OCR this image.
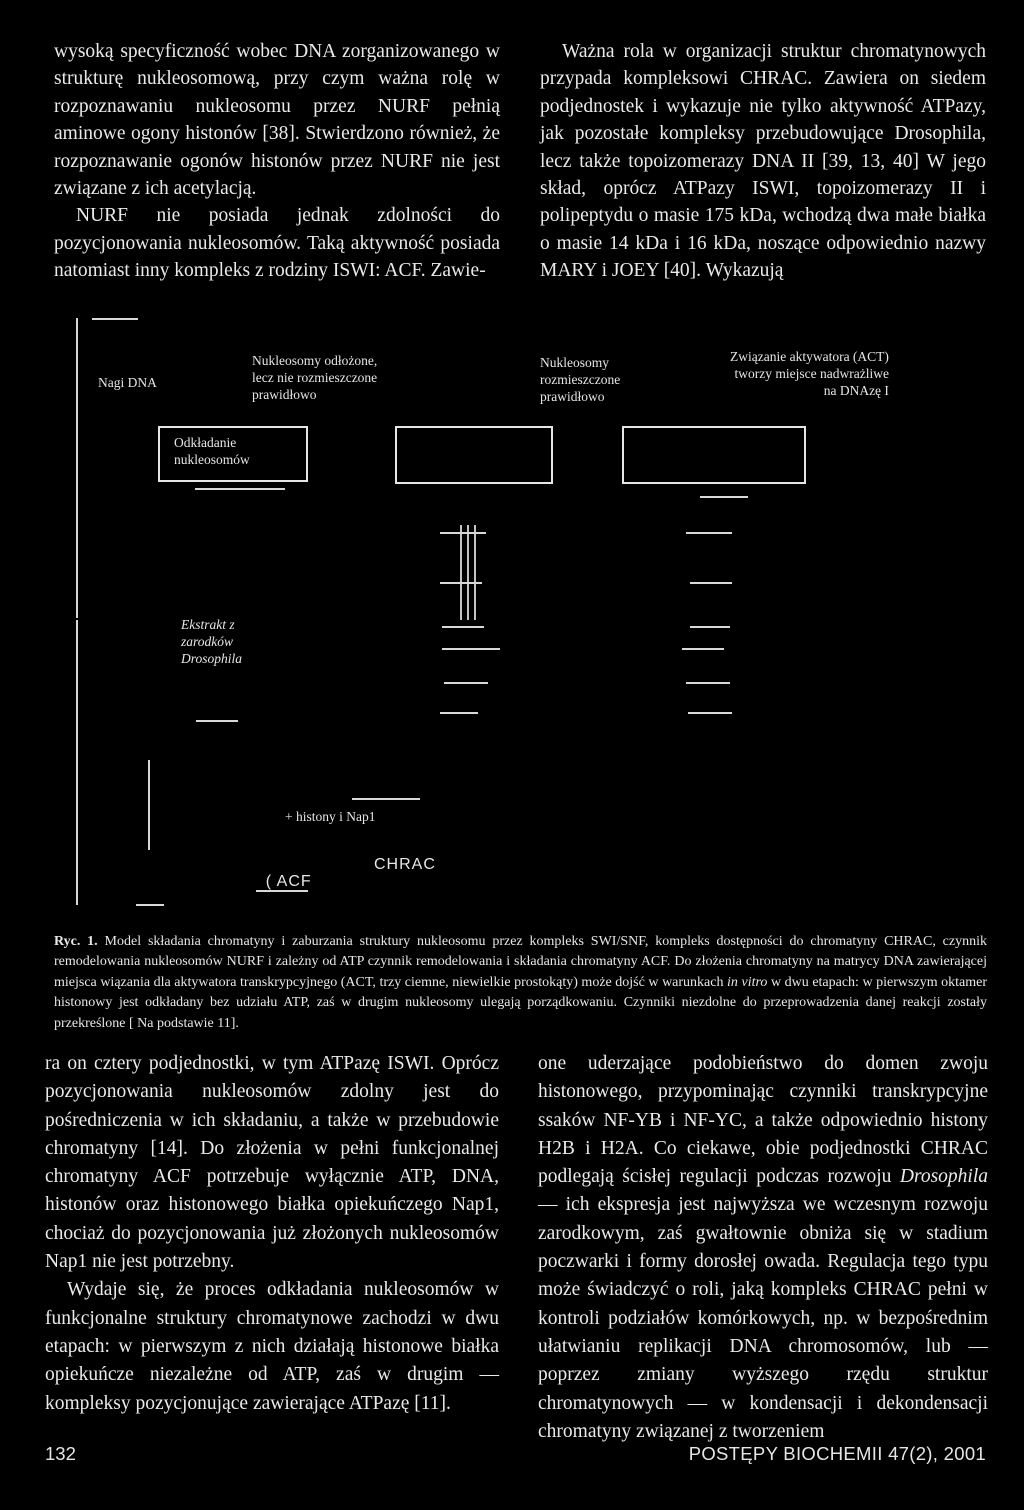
wysoką specyficzność wobec DNA zorganizowanego w strukturę nukleosomową, przy czym ważna rolę w rozpoznawaniu nukleosomu przez NURF pełnią aminowe ogony histonów [38]. Stwierdzono również, że rozpoznawanie ogonów histonów przez NURF nie jest związane z ich acetylacją.

NURF nie posiada jednak zdolności do pozycjonowania nukleosomów. Taką aktywność posiada natomiast inny kompleks z rodziny ISWI: ACF. Zawie-

Ważna rola w organizacji struktur chromatynowych przypada kompleksowi CHRAC. Zawiera on siedem podjednostek i wykazuje nie tylko aktywność ATPazy, jak pozostałe kompleksy przebudowujące Drosophila, lecz także topoizomerazy DNA II [39, 13, 40] W jego skład, oprócz ATPazy ISWI, topoizomerazy II i polipeptydu o masie 175 kDa, wchodzą dwa małe białka o masie 14 kDa i 16 kDa, noszące odpowiednio nazwy MARY i JOEY [40]. Wykazują

Nagi DNA
Nukleosomy odłożone,
lecz nie rozmieszczone
prawidłowo
Nukleosomy
rozmieszczone
prawidłowo
Związanie aktywatora (ACT)
tworzy miejsce nadwrażliwe
na DNAzę I
Odkładanie
nukleosomów
Ekstrakt z
zarodków
Drosophila
+ histony i Nap1

( ACF

CHRAC

Ryc. 1. Model składania chromatyny i zaburzania struktury nukleosomu przez kompleks SWI/SNF, kompleks dostępności do chromatyny CHRAC, czynnik remodelowania nukleosomów NURF i zależny od ATP czynnik remodelowania i składania chromatyny ACF. Do złożenia chromatyny na matrycy DNA zawierającej miejsca wiązania dla aktywatora transkrypcyjnego (ACT, trzy ciemne, niewielkie prostokąty) może dojść w warunkach in vitro w dwu etapach: w pierwszym oktamer histonowy jest odkładany bez udziału ATP, zaś w drugim nukleosomy ulegają porządkowaniu. Czynniki niezdolne do przeprowadzenia danej reakcji zostały przekreślone [ Na podstawie 11].

ra on cztery podjednostki, w tym ATPazę ISWI. Oprócz pozycjonowania nukleosomów zdolny jest do pośredniczenia w ich składaniu, a także w przebudowie chromatyny [14]. Do złożenia w pełni funkcjonalnej chromatyny ACF potrzebuje wyłącznie ATP, DNA, histonów oraz histonowego białka opiekuńczego Nap1, chociaż do pozycjonowania już złożonych nukleosomów Nap1 nie jest potrzebny.

Wydaje się, że proces odkładania nukleosomów w funkcjonalne struktury chromatynowe zachodzi w dwu etapach: w pierwszym z nich działają histonowe białka opiekuńcze niezależne od ATP, zaś w drugim — kompleksy pozycjonujące zawierające ATPazę [11].

one uderzające podobieństwo do domen zwoju histonowego, przypominając czynniki transkrypcyjne ssaków NF-YB i NF-YC, a także odpowiednio histony H2B i H2A. Co ciekawe, obie podjednostki CHRAC podlegają ścisłej regulacji podczas rozwoju Drosophila — ich ekspresja jest najwyższa we wczesnym rozwoju zarodkowym, zaś gwałtownie obniża się w stadium poczwarki i formy dorosłej owada. Regulacja tego typu może świadczyć o roli, jaką kompleks CHRAC pełni w kontroli podziałów komórkowych, np. w bezpośrednim ułatwianiu replikacji DNA chromosomów, lub — poprzez zmiany wyższego rzędu struktur chromatynowych — w kondensacji i dekondensacji chromatyny związanej z tworzeniem

132	POSTĘPY BIOCHEMII 47(2), 2001
